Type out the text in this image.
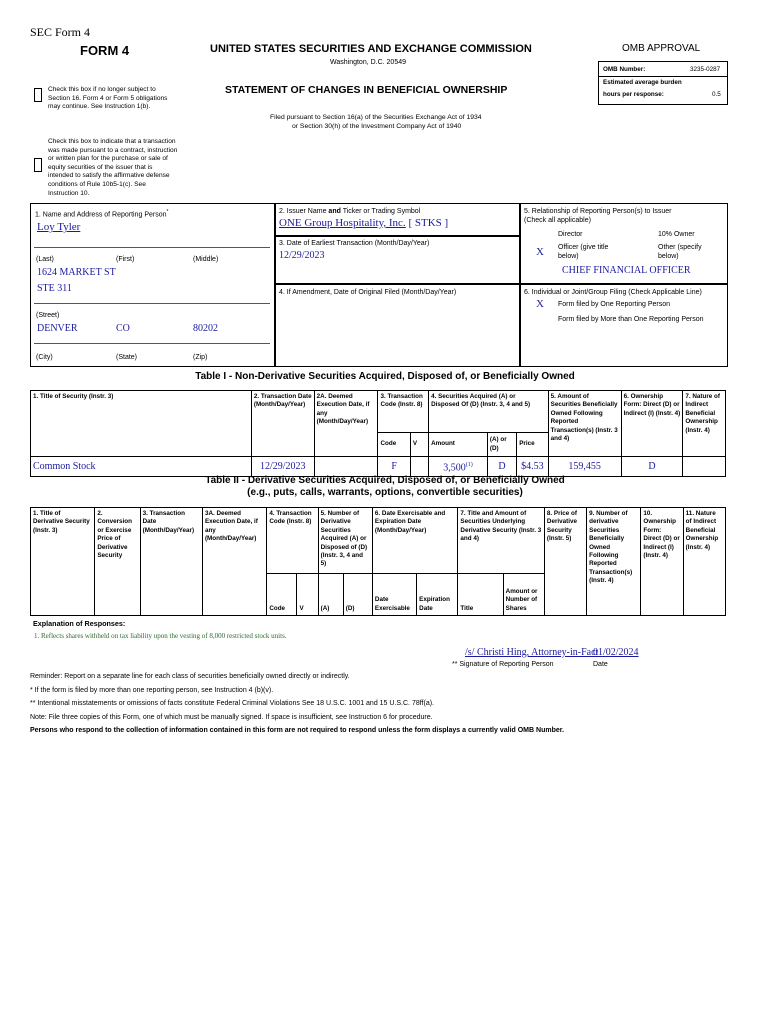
SEC Form 4
FORM 4	UNITED STATES SECURITIES AND EXCHANGE COMMISSION
Washington, D.C. 20549
STATEMENT OF CHANGES IN BENEFICIAL OWNERSHIP
Filed pursuant to Section 16(a) of the Securities Exchange Act of 1934
or Section 30(h) of the Investment Company Act of 1940
Check this box if no longer subject to Section 16. Form 4 or Form 5 obligations may continue. See Instruction 1(b).
Check this box to indicate that a transaction was made pursuant to a contract, instruction or written plan for the purchase or sale of equity securities of the issuer that is intended to satisfy the affirmative defense conditions of Rule 10b5-1(c). See Instruction 10.
OMB APPROVAL
OMB Number:	3235-0287
Estimated average burden
hours per response:	0.5
1. Name and Address of Reporting Person*
Loy Tyler
(Last)	(First)	(Middle)
1624 MARKET ST
STE 311
(Street)
DENVER	CO	80202
(City)	(State)	(Zip)
2. Issuer Name and Ticker or Trading Symbol
ONE Group Hospitality, Inc. [ STKS ]
3. Date of Earliest Transaction (Month/Day/Year)
12/29/2023
4. If Amendment, Date of Original Filed (Month/Day/Year)
5. Relationship of Reporting Person(s) to Issuer
(Check all applicable)
Director	10% Owner
X Officer (give title below)
Other (specify below)
CHIEF FINANCIAL OFFICER
6. Individual or Joint/Group Filing (Check Applicable Line)
X Form filed by One Reporting Person
Form filed by More than One Reporting Person
Table I - Non-Derivative Securities Acquired, Disposed of, or Beneficially Owned
1. Title of Security (Instr. 3)	2. Transaction Date (Month/Day/Year)	2A. Deemed Execution Date, if any (Month/Day/Year)	3. Transaction Code (Instr. 8)		4. Securities Acquired (A) or Disposed Of (D) (Instr. 3, 4 and 5)			5. Amount of Securities Beneficially Owned Following Reported Transaction(s) (Instr. 3 and 4)	6. Ownership Form: Direct (D) or Indirect (I) (Instr. 4)	7. Nature of Indirect Beneficial Ownership (Instr. 4)
			Code	V	Amount	(A) or (D)	Price			
Common Stock	12/29/2023		F		3,500$^{(1)}$	D	$4.53	159,455	D	
Table II - Derivative Securities Acquired, Disposed of, or Beneficially Owned
(e.g., puts, calls, warrants, options, convertible securities)
1. Title of Derivative Security (Instr. 3)	2. Conversion or Exercise Price of Derivative Security	3. Transaction Date (Month/Day/Year)	3A. Deemed Execution Date, if any (Month/Day/Year)	4. Transaction Code (Instr. 8)		5. Number of Derivative Securities Acquired (A) or Disposed of (D) (Instr. 3, 4 and 5)		6. Date Exercisable and Expiration Date (Month/Day/Year)		7. Title and Amount of Securities Underlying Derivative Security (Instr. 3 and 4)		8. Price of Derivative Security (Instr. 5)	9. Number of derivative Securities Beneficially Owned Following Reported Transaction(s) (Instr. 4)	10. Ownership Form: Direct (D) or Indirect (I) (Instr. 4)	11. Nature of Indirect Beneficial Ownership (Instr. 4)
				Code	V	(A)	(D)	Date Exercisable	Expiration Date	Title	Amount or Number of Shares				
Explanation of Responses:
1. Reflects shares withheld on tax liability upon the vesting of 8,000 restricted stock units.
/s/ Christi Hing, Attorney-in-Fact
01/02/2024
** Signature of Reporting Person	Date
Reminder: Report on a separate line for each class of securities beneficially owned directly or indirectly.
* If the form is filed by more than one reporting person, see Instruction 4 (b)(v).
** Intentional misstatements or omissions of facts constitute Federal Criminal Violations See 18 U.S.C. 1001 and 15 U.S.C. 78ff(a).
Note: File three copies of this Form, one of which must be manually signed. If space is insufficient, see Instruction 6 for procedure.
Persons who respond to the collection of information contained in this form are not required to respond unless the form displays a currently valid OMB Number.
